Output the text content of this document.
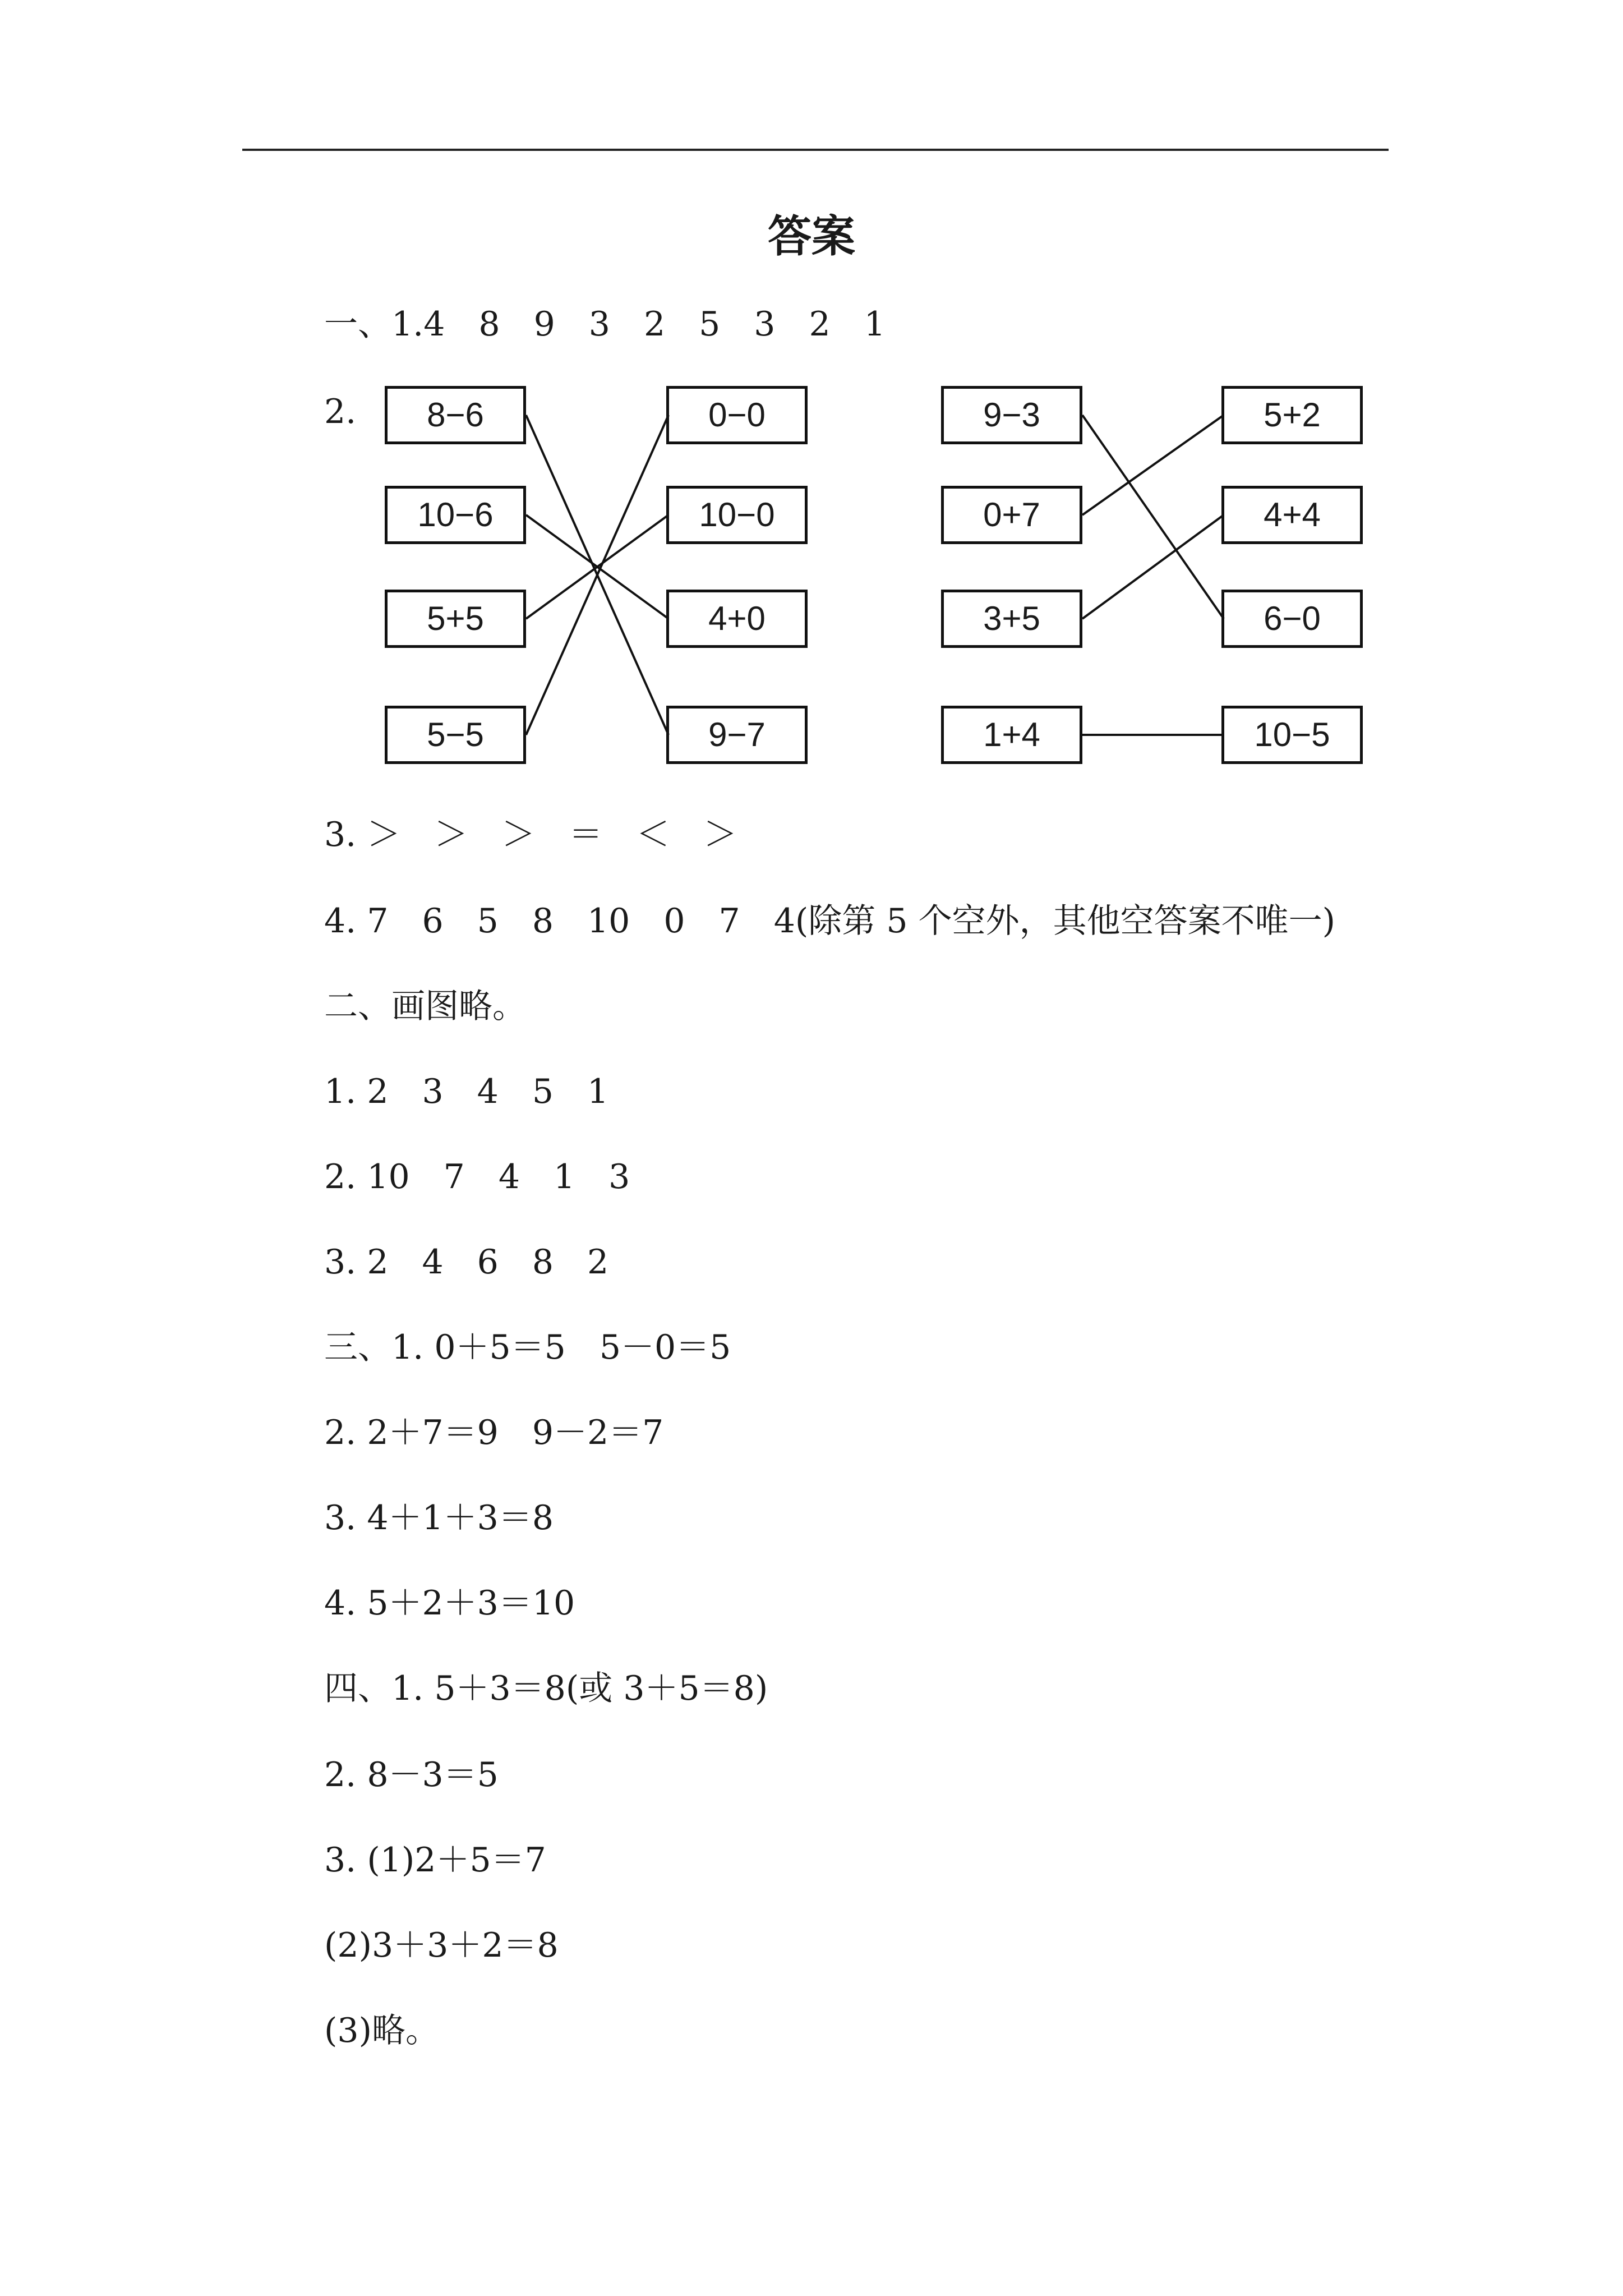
答案
一、1.4　8　9　3　2　5　3　2　1
2.
3. ＞　＞　＞　＝　＜　＞
4. 7　6　5　8　10　0　7　4(除第 5 个空外，其他空答案不唯一)
二、画图略。
1. 2　3　4　5　1
2. 10　7　4　1　3
3. 2　4　6　8　2
三、1. 0＋5＝5　5－0＝5
2. 2＋7＝9　9－2＝7
3. 4＋1＋3＝8
4. 5＋2＋3＝10
四、1. 5＋3＝8(或 3＋5＝8)
2. 8－3＝5
3. (1)2＋5＝7
(2)3＋3＋2＝8
(3)略。
8−6
10−6
5+5
5−5
0−0
10−0
4+0
9−7
9−3
0+7
3+5
1+4
5+2
4+4
6−0
10−5
